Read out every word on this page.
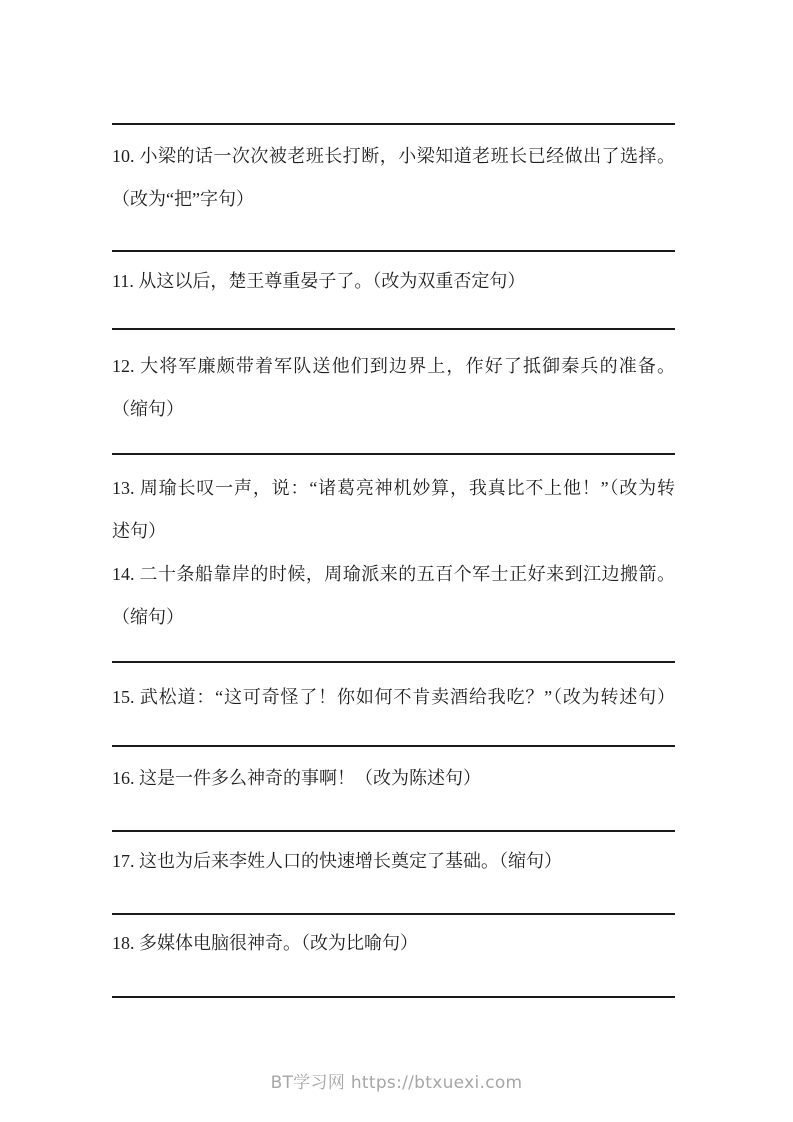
10. 小梁的话一次次被老班长打断，小梁知道老班长已经做出了选择。
（改为“把”字句）
11. 从这以后，楚王尊重晏子了。（改为双重否定句）
12. 大将军廉颇带着军队送他们到边界上，作好了抵御秦兵的准备。
（缩句）
13. 周瑜长叹一声，说：“诸葛亮神机妙算，我真比不上他！”（改为转
述句）
14. 二十条船靠岸的时候，周瑜派来的五百个军士正好来到江边搬箭。
（缩句）
15. 武松道：“这可奇怪了！你如何不肯卖酒给我吃？”（改为转述句）
16. 这是一件多么神奇的事啊！（改为陈述句）
17. 这也为后来李姓人口的快速增长奠定了基础。（缩句）
18. 多媒体电脑很神奇。（改为比喻句）
BT学习网 https://btxuexi.com
